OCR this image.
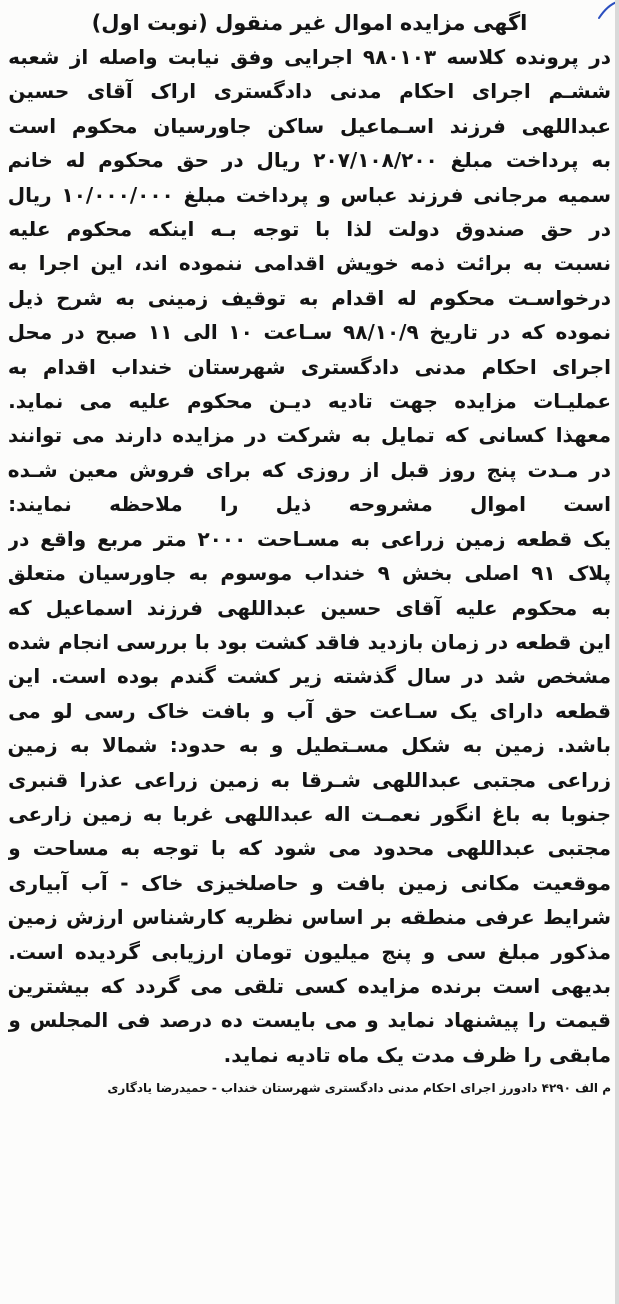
اگهی مزایده اموال غیر منقول (نوبت اول)
در پرونده کلاسه ۹۸۰۱۰۳ اجرایی وفق نیابت واصله از شعبه
ششـم اجرای احکام مدنی دادگستری اراک آقای حسین
عبداللهی فرزند اسـماعیل ساکن جاورسیان محکوم است
به پرداخت مبلغ ۲۰۷/۱۰۸/۲۰۰ ریال در حق محکوم له خانم
سمیه مرجانی فرزند عباس و پرداخت مبلغ ۱۰/۰۰۰/۰۰۰ ریال
در حق صندوق دولت لذا با توجه بـه اینکه محکوم علیه
نسبت به برائت ذمه خویش اقدامی ننموده اند، این اجرا به
درخواسـت محکوم له اقدام به توقیف زمینی به شرح ذیل
نموده که در تاریخ ۹۸/۱۰/۹ سـاعت ۱۰ الی ۱۱ صبح در محل
اجرای احکام مدنی دادگستری شهرستان خنداب اقدام به
عملیـات مزایده جهت تادیه دیـن محکوم علیه می نماید.
معهذا کسانی که تمایل به شرکت در مزایده دارند می توانند
در مـدت پنج روز قبل از روزی که برای فروش معین شـده
است اموال مشروحه ذیل را ملاحظه نمایند:
یک قطعه زمین زراعی به مسـاحت ۲۰۰۰ متر مربع واقع در
پلاک ۹۱ اصلی بخش ۹ خنداب موسوم به جاورسیان متعلق
به محکوم علیه آقای حسین عبداللهی فرزند اسماعیل که
این قطعه در زمان بازدید فاقد کشت بود با بررسی انجام شده
مشخص شد در سال گذشته زیر کشت گندم بوده است. این
قطعه دارای یک سـاعت حق آب و بافت خاک رسی لو می
باشد. زمین به شکل مسـتطیل و به حدود: شمالا به زمین
زراعی مجتبی عبداللهی شـرقا به زمین زراعی عذرا قنبری
جنوبا به باغ انگور نعمـت اله عبداللهی غربا به زمین زارعی
مجتبی عبداللهی محدود می شود که با توجه به مساحت و
موقعیت مکانی زمین بافت و حاصلخیزی خاک - آب آبیاری
شرایط عرفی منطقه بر اساس نظریه کارشناس ارزش زمین
مذکور مبلغ سی و پنج میلیون تومان ارزیابی گردیده است.
بدیهی است برنده مزایده کسی تلقی می گردد که بیشترین
قیمت را پیشنهاد نماید و می بایست ده درصد فی المجلس و
مابقی را ظرف مدت یک ماه تادیه نماید.
م الف ۴۲۹۰ دادورز اجرای احکام مدنی دادگستری شهرستان خنداب - حمیدرضا یادگاری
